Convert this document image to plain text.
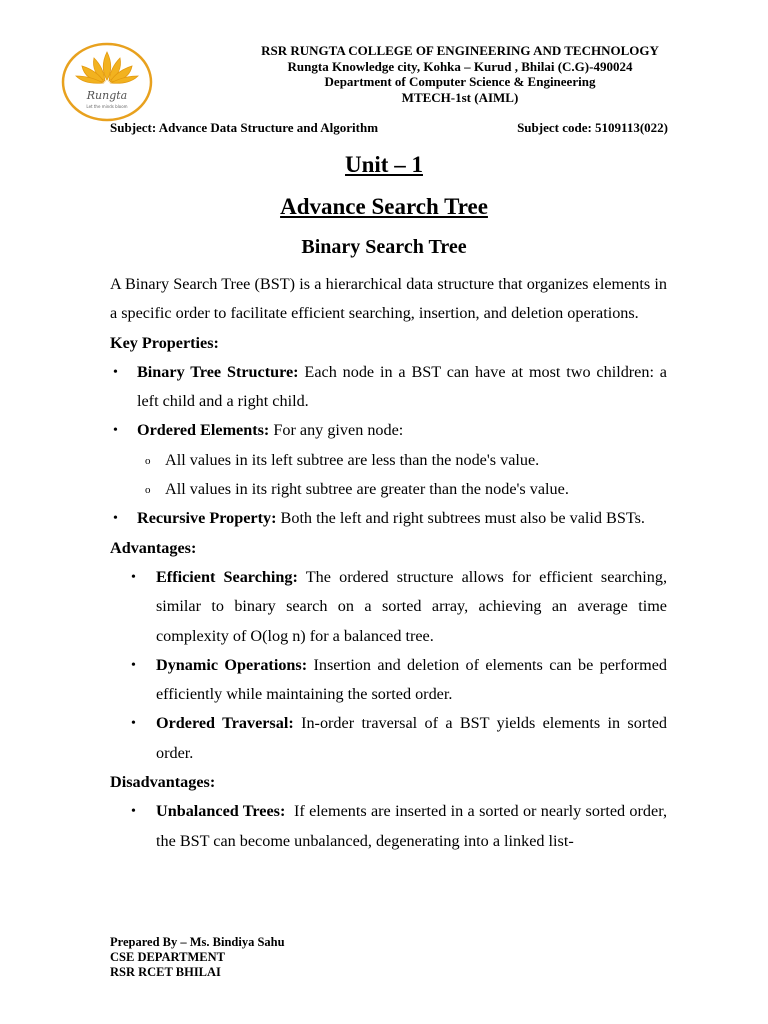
Rungta
Let the minds bloom
RSR RUNGTA COLLEGE OF ENGINEERING AND TECHNOLOGY
Rungta Knowledge city, Kohka – Kurud , Bhilai (C.G)-490024
Department of Computer Science & Engineering
MTECH-1st (AIML)
Subject: Advance Data Structure and Algorithm	Subject code: 5109113(022)
Unit – 1
Advance Search Tree
Binary Search Tree

A Binary Search Tree (BST) is a hierarchical data structure that organizes elements in a specific order to facilitate efficient searching, insertion, and deletion operations.

Key Properties:
• Binary Tree Structure: Each node in a BST can have at most two children: a left child and a right child.
• Ordered Elements: For any given node:
o All values in its left subtree are less than the node's value.
o All values in its right subtree are greater than the node's value.
• Recursive Property: Both the left and right subtrees must also be valid BSTs.
Advantages:
• Efficient Searching: The ordered structure allows for efficient searching, similar to binary search on a sorted array, achieving an average time complexity of O(log n) for a balanced tree.
• Dynamic Operations: Insertion and deletion of elements can be performed efficiently while maintaining the sorted order.
• Ordered Traversal: In-order traversal of a BST yields elements in sorted order.
Disadvantages:
• Unbalanced Trees:  If elements are inserted in a sorted or nearly sorted order, the BST can become unbalanced, degenerating into a linked list-
Prepared By – Ms. Bindiya Sahu
CSE DEPARTMENT
RSR RCET BHILAI
